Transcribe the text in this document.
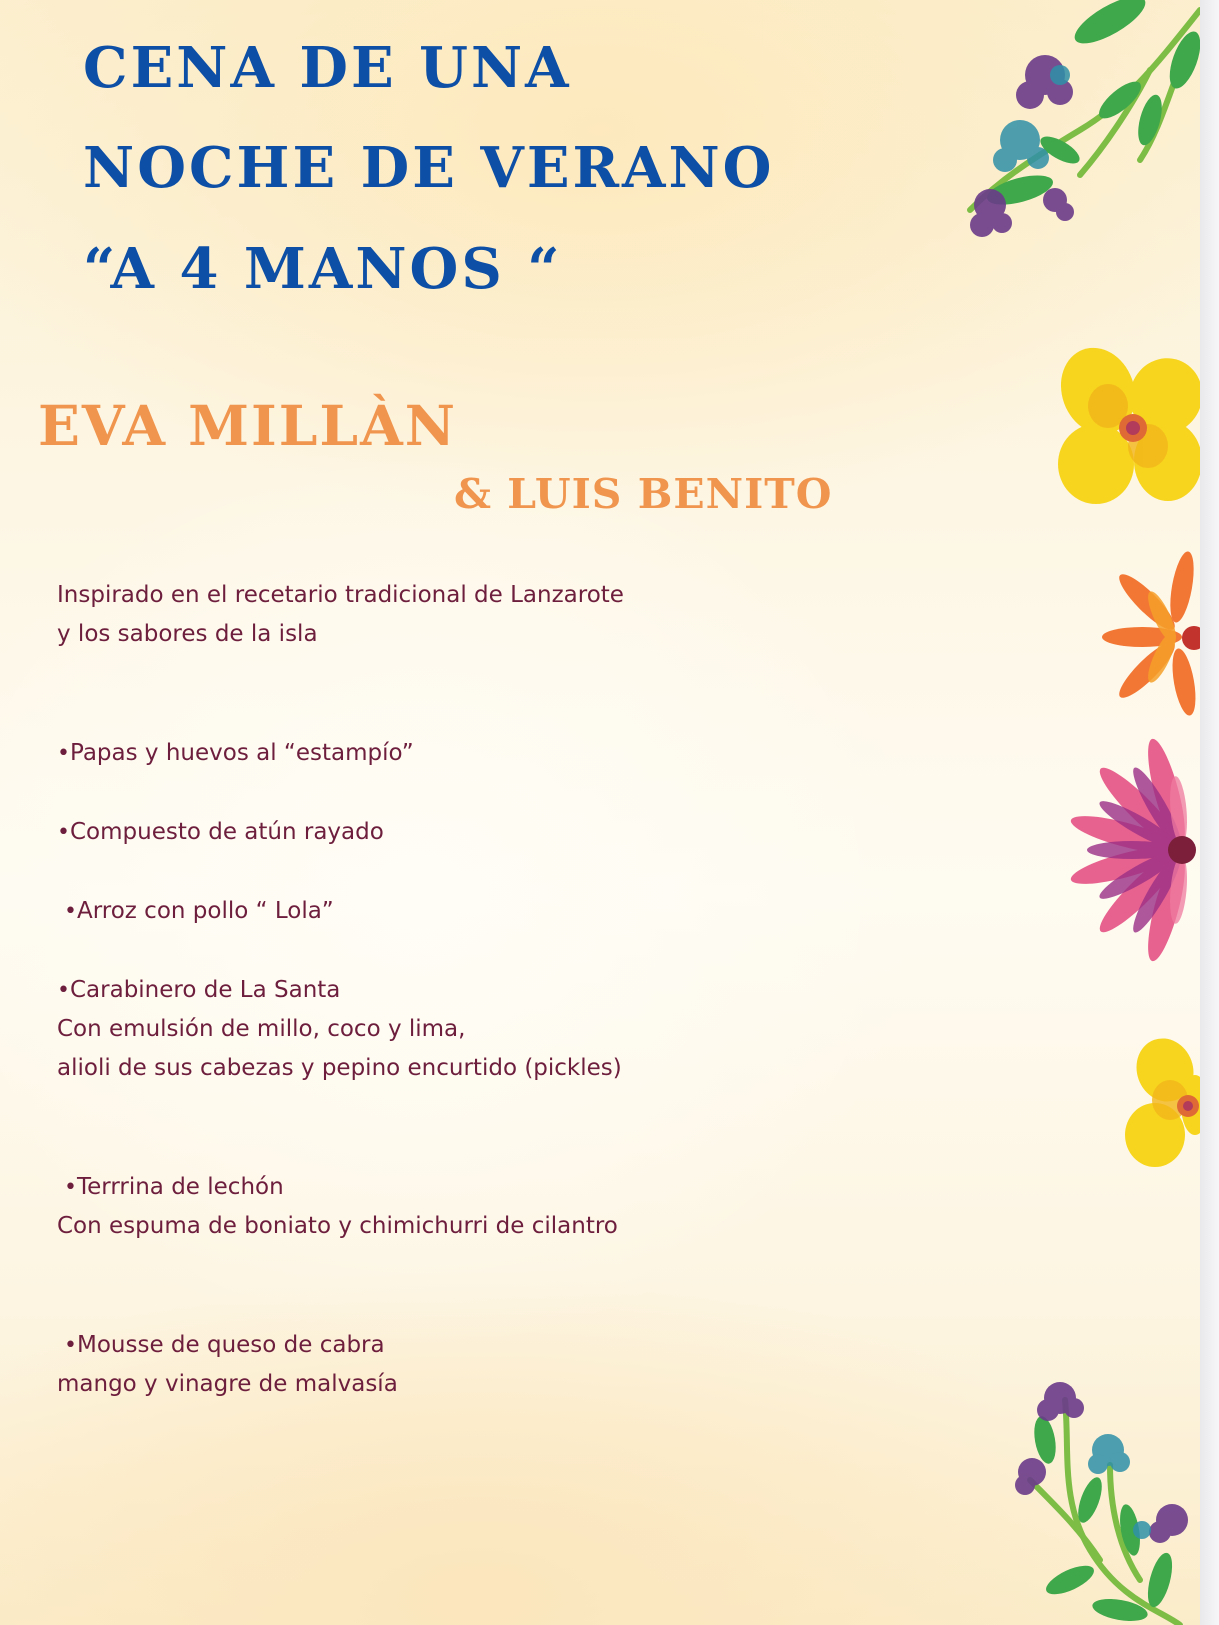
CENA DE UNA
NOCHE DE VERANO
“A 4 MANOS “
EVA MILLÀN
& LUIS BENITO

Inspirado en el recetario tradicional de Lanzarote

y los sabores de la isla

•Papas y huevos al “estampío”

•Compuesto de atún rayado

•Arroz con pollo “ Lola”

•Carabinero de La Santa

Con emulsión de millo, coco y lima,

alioli de sus cabezas y pepino encurtido (pickles)

•Terrrina de lechón

Con espuma de boniato y chimichurri de cilantro

•Mousse de queso de cabra

mango y vinagre de malvasía
